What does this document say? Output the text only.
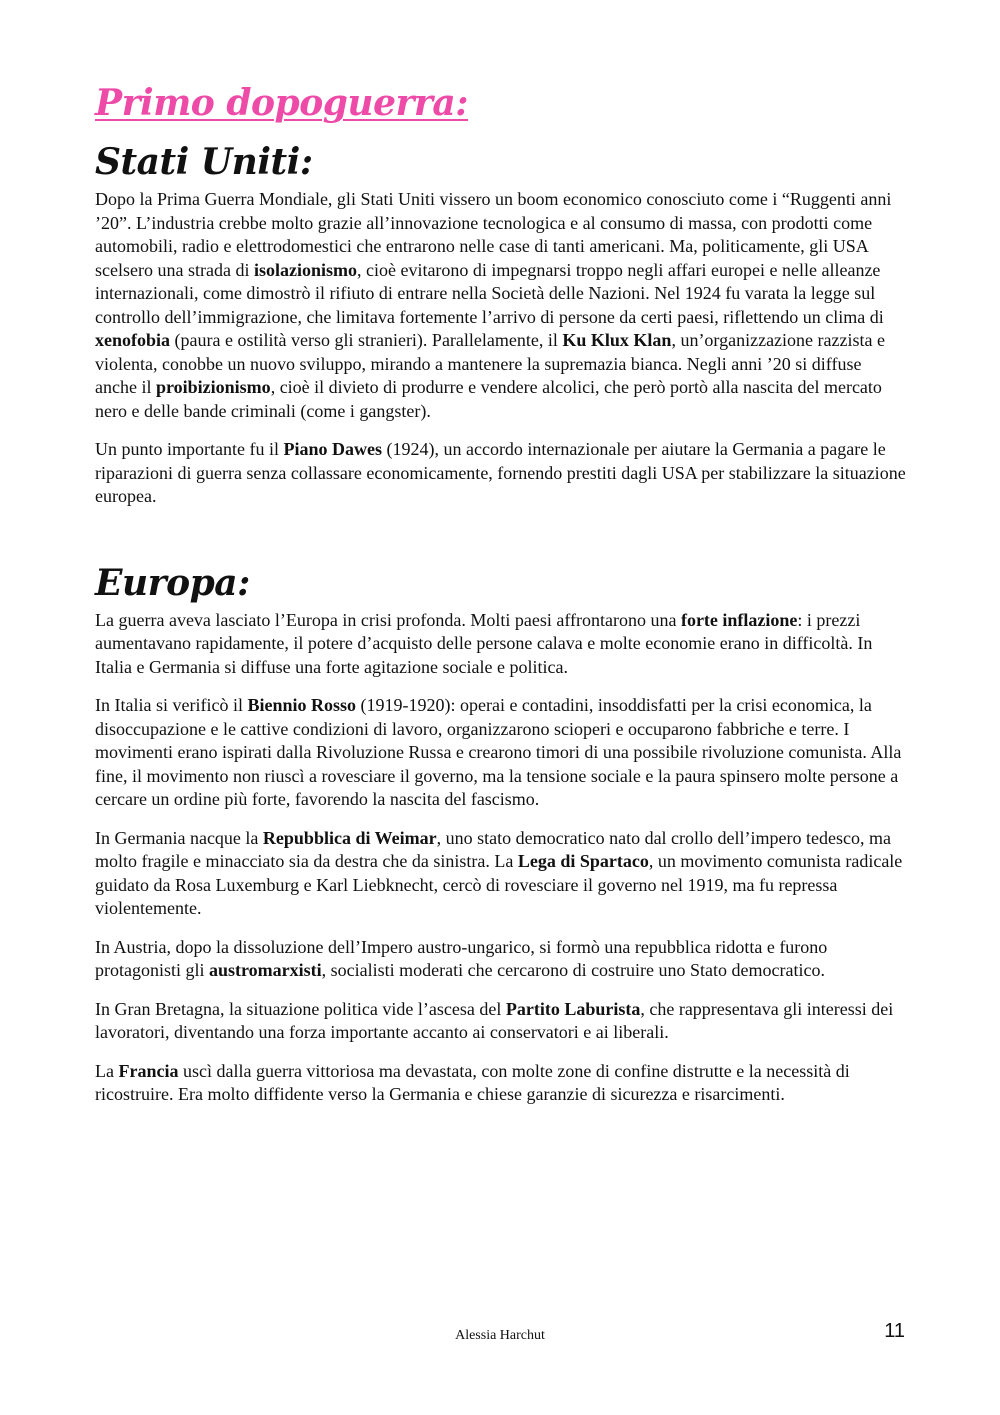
Primo dopoguerra:
Stati Uniti:

Dopo la Prima Guerra Mondiale, gli Stati Uniti vissero un boom economico conosciuto come i “Ruggenti anni ’20”. L’industria crebbe molto grazie all’innovazione tecnologica e al consumo di massa, con prodotti come automobili, radio e elettrodomestici che entrarono nelle case di tanti americani. Ma, politicamente, gli USA scelsero una strada di isolazionismo, cioè evitarono di impegnarsi troppo negli affari europei e nelle alleanze internazionali, come dimostrò il rifiuto di entrare nella Società delle Nazioni. Nel 1924 fu varata la legge sul controllo dell’immigrazione, che limitava fortemente l’arrivo di persone da certi paesi, riflettendo un clima di xenofobia (paura e ostilità verso gli stranieri). Parallelamente, il Ku Klux Klan, un’organizzazione razzista e violenta, conobbe un nuovo sviluppo, mirando a mantenere la supremazia bianca. Negli anni ’20 si diffuse anche il proibizionismo, cioè il divieto di produrre e vendere alcolici, che però portò alla nascita del mercato nero e delle bande criminali (come i gangster).

Un punto importante fu il Piano Dawes (1924), un accordo internazionale per aiutare la Germania a pagare le riparazioni di guerra senza collassare economicamente, fornendo prestiti dagli USA per stabilizzare la situazione europea.

Europa:

La guerra aveva lasciato l’Europa in crisi profonda. Molti paesi affrontarono una forte inflazione: i prezzi aumentavano rapidamente, il potere d’acquisto delle persone calava e molte economie erano in difficoltà. In Italia e Germania si diffuse una forte agitazione sociale e politica.

In Italia si verificò il Biennio Rosso (1919-1920): operai e contadini, insoddisfatti per la crisi economica, la disoccupazione e le cattive condizioni di lavoro, organizzarono scioperi e occuparono fabbriche e terre. I movimenti erano ispirati dalla Rivoluzione Russa e crearono timori di una possibile rivoluzione comunista. Alla fine, il movimento non riuscì a rovesciare il governo, ma la tensione sociale e la paura spinsero molte persone a cercare un ordine più forte, favorendo la nascita del fascismo.

In Germania nacque la Repubblica di Weimar, uno stato democratico nato dal crollo dell’impero tedesco, ma molto fragile e minacciato sia da destra che da sinistra. La Lega di Spartaco, un movimento comunista radicale guidato da Rosa Luxemburg e Karl Liebknecht, cercò di rovesciare il governo nel 1919, ma fu repressa violentemente.

In Austria, dopo la dissoluzione dell’Impero austro-ungarico, si formò una repubblica ridotta e furono protagonisti gli austromarxisti, socialisti moderati che cercarono di costruire uno Stato democratico.

In Gran Bretagna, la situazione politica vide l’ascesa del Partito Laburista, che rappresentava gli interessi dei lavoratori, diventando una forza importante accanto ai conservatori e ai liberali.

La Francia uscì dalla guerra vittoriosa ma devastata, con molte zone di confine distrutte e la necessità di ricostruire. Era molto diffidente verso la Germania e chiese garanzie di sicurezza e risarcimenti.

Alessia Harchut	11
